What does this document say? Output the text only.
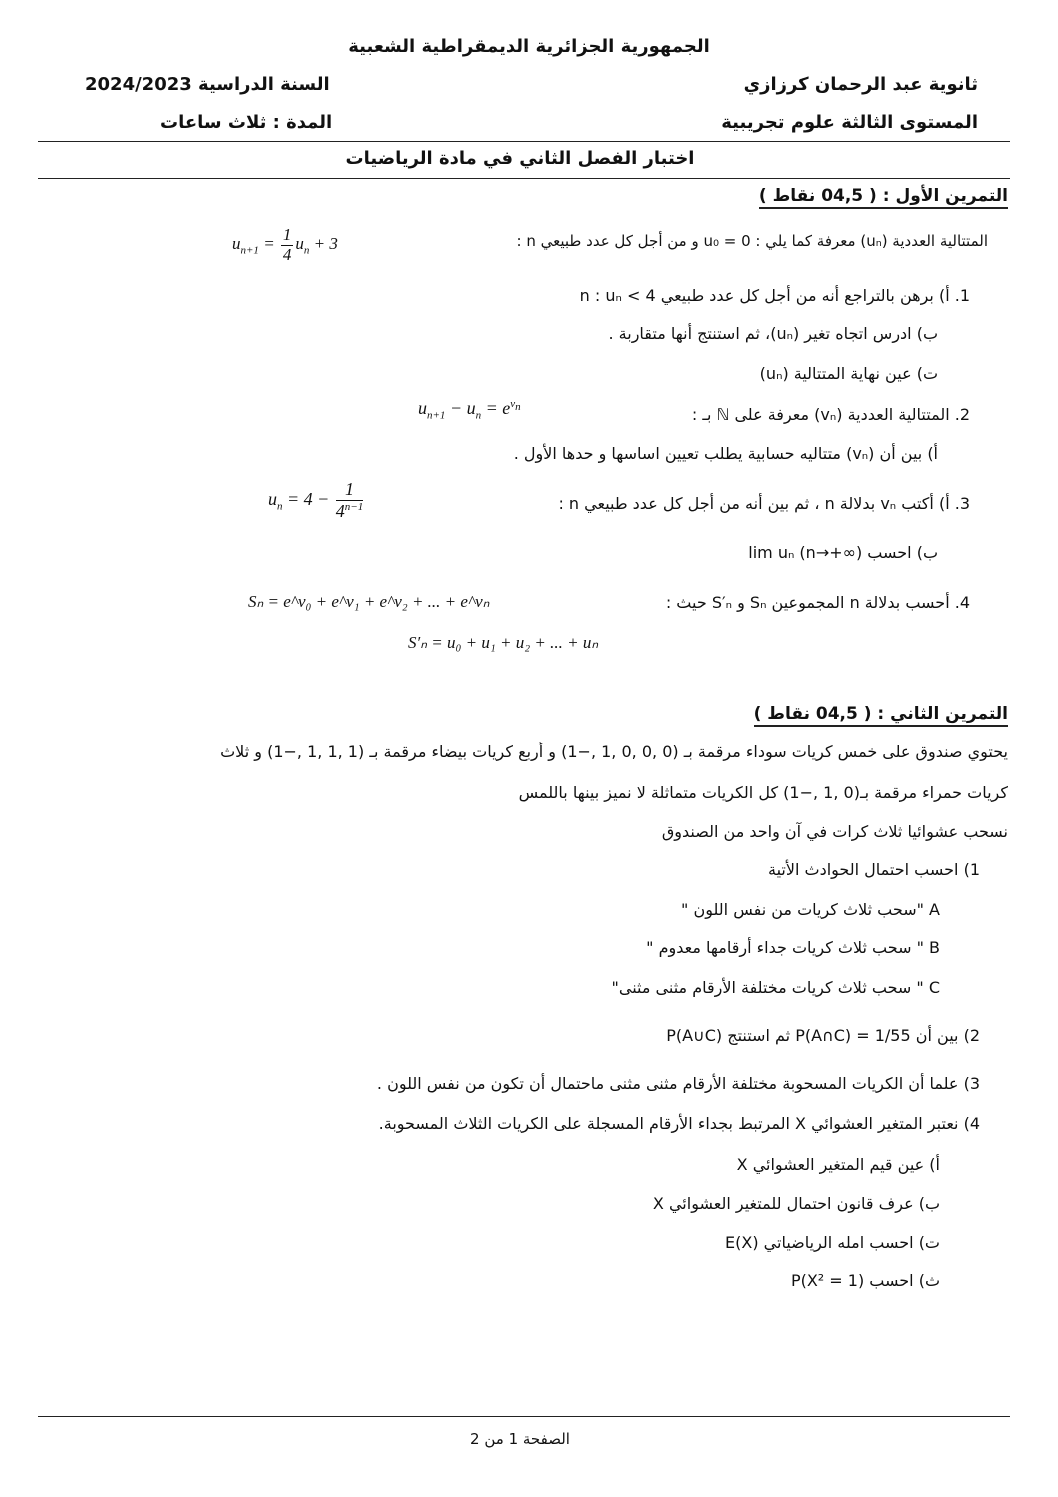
الجمهورية الجزائرية الديمقراطية الشعبية
ثانوية عبد الرحمان كرزازي
السنة الدراسية 2024/2023
المستوى الثالثة علوم تجريبية
المدة : ثلاث ساعات
اختبار الفصل الثاني في مادة الرياضيات
التمرين الأول : ( 04,5 نقاط )
المتتالية العددية (uₙ) معرفة كما يلي : u₀ = 0 و من أجل كل عدد طبيعي n :
$u_{n+1} = \frac{1}{4} u_n + 3$
1. أ) برهن بالتراجع أنه من أجل كل عدد طبيعي n : uₙ < 4
ب) ادرس اتجاه تغير (uₙ)، ثم استنتج أنها متقاربة .
ت) عين نهاية المتتالية (uₙ)
2. المتتالية العددية (vₙ) معرفة على ℕ بـ :
$u_{n+1} - u_n = e^{v_n}$
أ) بين أن (vₙ) متتاليه حسابية يطلب تعيين اساسها و حدها الأول .
3. أ) أكتب vₙ بدلالة n ، ثم بين أنه من أجل كل عدد طبيعي n :
$u_n = 4 - \frac{1}{4^{n-1}}$
ب) احسب lim uₙ (n→+∞)
4. أحسب بدلالة n المجموعين Sₙ و S′ₙ حيث :
Sₙ = e^v₀ + e^v₁ + e^v₂ + ... + e^vₙ
S′ₙ = u₀ + u₁ + u₂ + ... + uₙ
التمرين الثاني : ( 04,5 نقاط )
يحتوي صندوق على خمس كريات سوداء مرقمة بـ (0 ,0 ,0 ,1 ,−1) و أربع كريات بيضاء مرقمة بـ (1 ,1 ,1 ,−1) و ثلاث
كريات حمراء مرقمة بـ(0 ,1 ,−1) كل الكريات متماثلة لا نميز بينها باللمس
نسحب عشوائيا ثلاث كرات في آن واحد من الصندوق
1) احسب احتمال الحوادث الأتية
A "سحب ثلاث كريات من نفس اللون "
B " سحب ثلاث كريات جداء أرقامها معدوم "
C " سحب ثلاث كريات مختلفة الأرقام مثنى مثنى"
2) بين أن P(A∩C) = 1/55 ثم استنتج P(A∪C)
3) علما أن الكريات المسحوبة مختلفة الأرقام مثنى مثنى ماحتمال أن تكون من نفس اللون .
4) نعتبر المتغير العشوائي X المرتبط بجداء الأرقام المسجلة على الكريات الثلاث المسحوبة.
أ) عين قيم المتغير العشوائي X
ب) عرف قانون احتمال للمتغير العشوائي X
ت) احسب امله الرياضياتي E(X)
ث) احسب P(X² = 1)
الصفحة 1 من 2
